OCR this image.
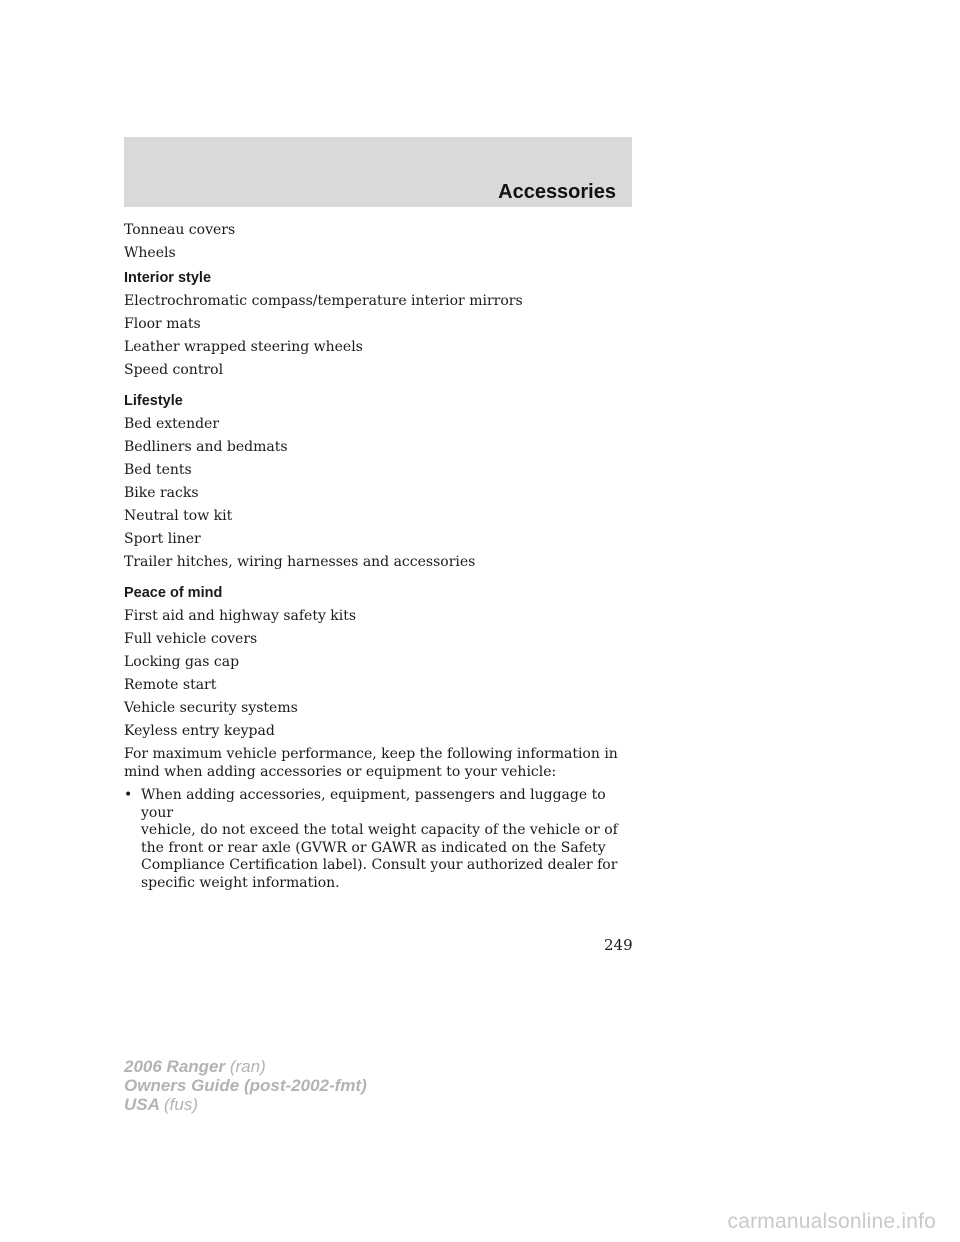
Accessories
Tonneau covers
Wheels
Interior style
Electrochromatic compass/temperature interior mirrors
Floor mats
Leather wrapped steering wheels
Speed control
Lifestyle
Bed extender
Bedliners and bedmats
Bed tents
Bike racks
Neutral tow kit
Sport liner
Trailer hitches, wiring harnesses and accessories
Peace of mind
First aid and highway safety kits
Full vehicle covers
Locking gas cap
Remote start
Vehicle security systems
Keyless entry keypad
For maximum vehicle performance, keep the following information in
mind when adding accessories or equipment to your vehicle:
• When adding accessories, equipment, passengers and luggage to your
vehicle, do not exceed the total weight capacity of the vehicle or of
the front or rear axle (GVWR or GAWR as indicated on the Safety
Compliance Certification label). Consult your authorized dealer for
specific weight information.
249
2006 Ranger (ran)
Owners Guide (post-2002-fmt)
USA (fus)
carmanualsonline.info
